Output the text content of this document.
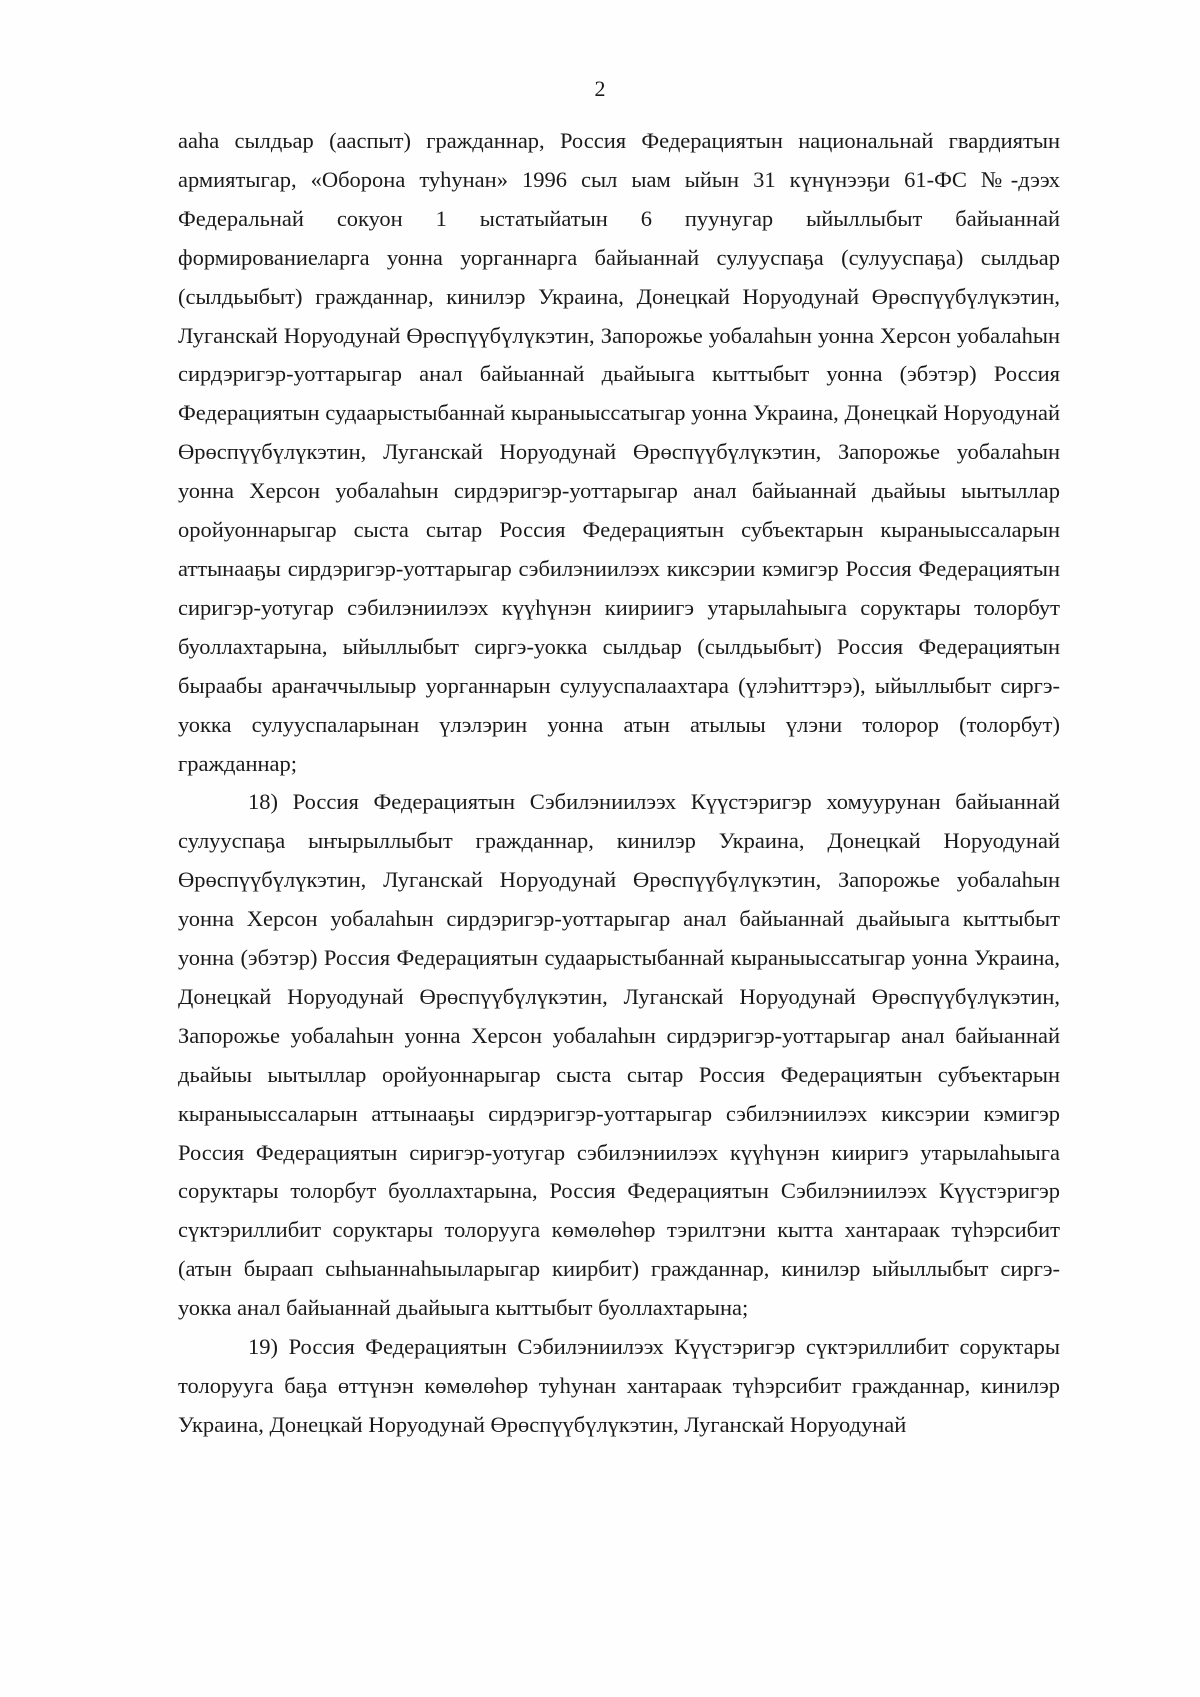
2

ааһа сылдьар (ааспыт) гражданнар, Россия Федерациятын национальнай гвардиятын армиятыгар, «Оборона туһунан» 1996 сыл ыам ыйын 31 күнүнээҕи 61-ФС №-дээх Федеральнай сокуон 1 ыстатыйатын 6 пуунугар ыйыллыбыт байыаннай формированиеларга уонна уорганнарга байыаннай сулууспаҕа (сулууспаҕа) сылдьар (сылдьыбыт) гражданнар, кинилэр Украина, Донецкай Норуодунай Өрөспүүбүлүкэтин, Луганскай Норуодунай Өрөспүүбүлүкэтин, Запорожье уобалаһын уонна Херсон уобалаһын сирдэригэр-уоттарыгар анал байыаннай дьайыыга кыттыбыт уонна (эбэтэр) Россия Федерациятын судаарыстыбаннай кыраныыссатыгар уонна Украина, Донецкай Норуодунай Өрөспүүбүлүкэтин, Луганскай Норуодунай Өрөспүүбүлүкэтин, Запорожье уобалаһын уонна Херсон уобалаһын сирдэригэр-уоттарыгар анал байыаннай дьайыы ыытыллар оройуоннарыгар сыста сытар Россия Федерациятын субъектарын кыраныыссаларын аттынааҕы сирдэригэр-уоттарыгар сэбилэниилээх киксэрии кэмигэр Россия Федерациятын сиригэр-уотугар сэбилэниилээх күүһүнэн киириигэ утарылаһыыга соруктары толорбут буоллахтарына, ыйыллыбыт сиргэ-уокка сылдьар (сылдьыбыт) Россия Федерациятын быраабы араҥаччылыыр уорганнарын сулууспалаахтара (үлэһиттэрэ), ыйыллыбыт сиргэ-уокка сулууспаларынан үлэлэрин уонна атын атылыы үлэни толорор (толорбут) гражданнар;

18) Россия Федерациятын Сэбилэниилээх Күүстэригэр хомуурунан байыаннай сулууспаҕа ыҥырыллыбыт гражданнар, кинилэр Украина, Донецкай Норуодунай Өрөспүүбүлүкэтин, Луганскай Норуодунай Өрөспүүбүлүкэтин, Запорожье уобалаһын уонна Херсон уобалаһын сирдэригэр-уоттарыгар анал байыаннай дьайыыга кыттыбыт уонна (эбэтэр) Россия Федерациятын судаарыстыбаннай кыраныыссатыгар уонна Украина, Донецкай Норуодунай Өрөспүүбүлүкэтин, Луганскай Норуодунай Өрөспүүбүлүкэтин, Запорожье уобалаһын уонна Херсон уобалаһын сирдэригэр-уоттарыгар анал байыаннай дьайыы ыытыллар оройуоннарыгар сыста сытар Россия Федерациятын субъектарын кыраныыссаларын аттынааҕы сирдэригэр-уоттарыгар сэбилэниилээх киксэрии кэмигэр Россия Федерациятын сиригэр-уотугар сэбилэниилээх күүһүнэн кииригэ утарылаһыыга соруктары толорбут буоллахтарына, Россия Федерациятын Сэбилэниилээх Күүстэригэр сүктэриллибит соруктары толорууга көмөлөһөр тэрилтэни кытта хантараак түһэрсибит (атын быраап сыһыаннаһыыларыгар киирбит) гражданнар, кинилэр ыйыллыбыт сиргэ-уокка анал байыаннай дьайыыга кыттыбыт буоллахтарына;

19) Россия Федерациятын Сэбилэниилээх Күүстэригэр сүктэриллибит соруктары толорууга баҕа өттүнэн көмөлөһөр туһунан хантараак түһэрсибит гражданнар, кинилэр Украина, Донецкай Норуодунай Өрөспүүбүлүкэтин, Луганскай Норуодунай
